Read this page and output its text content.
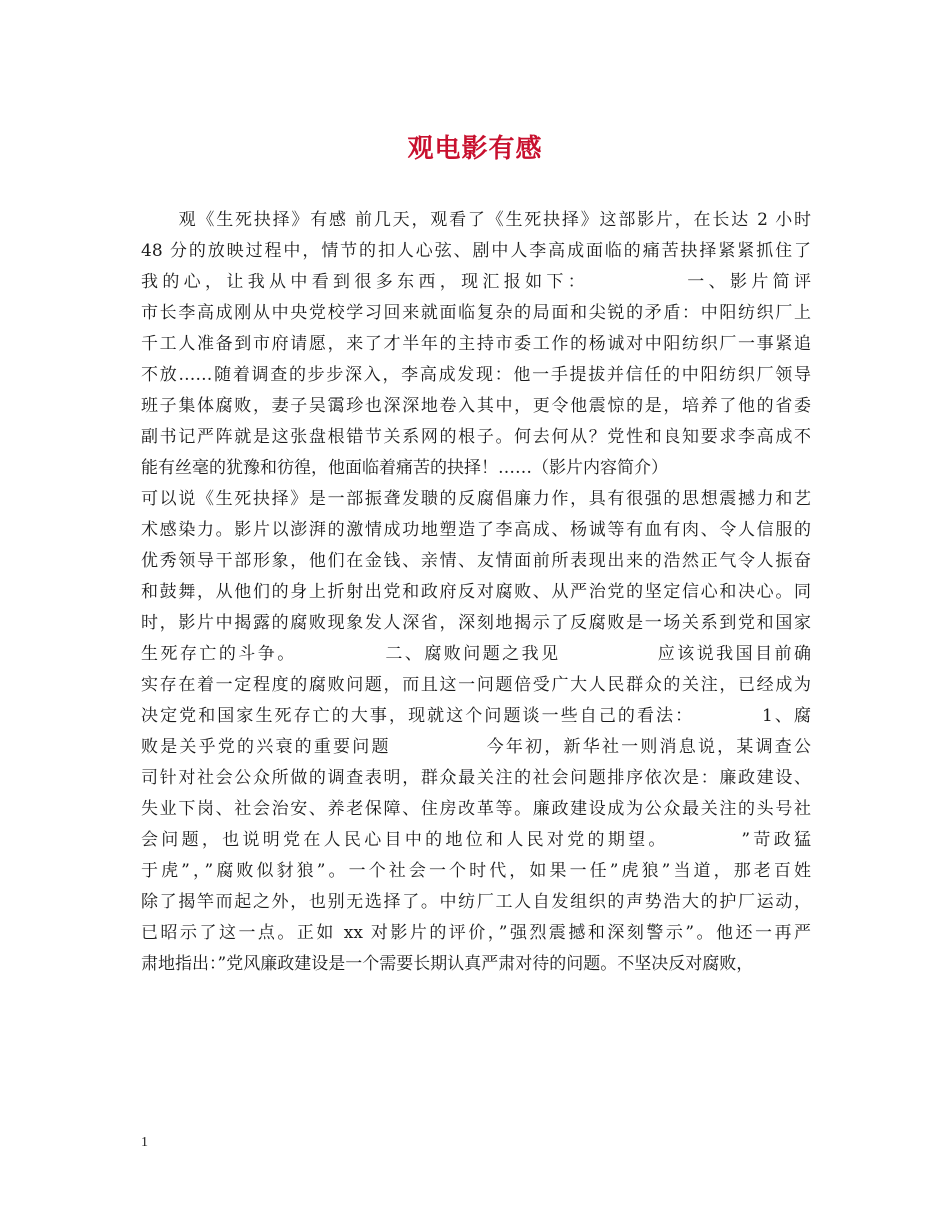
观电影有感
　　观《生死抉择》有感 前几天，观看了《生死抉择》这部影片，在长达 2 小时
48 分的放映过程中，情节的扣人心弦、剧中人李高成面临的痛苦抉择紧紧抓住了
我的心，让我从中看到很多东西，现汇报如下：　　　　　一、影片简评
市长李高成刚从中央党校学习回来就面临复杂的局面和尖锐的矛盾：中阳纺织厂上
千工人准备到市府请愿，来了才半年的主持市委工作的杨诚对中阳纺织厂一事紧追
不放……随着调查的步步深入，李高成发现：他一手提拔并信任的中阳纺织厂领导
班子集体腐败，妻子吴霭珍也深深地卷入其中，更令他震惊的是，培养了他的省委
副书记严阵就是这张盘根错节关系网的根子。何去何从？党性和良知要求李高成不
能有丝毫的犹豫和彷徨，他面临着痛苦的抉择！……（影片内容简介）
可以说《生死抉择》是一部振聋发聩的反腐倡廉力作，具有很强的思想震撼力和艺
术感染力。影片以澎湃的激情成功地塑造了李高成、杨诚等有血有肉、令人信服的
优秀领导干部形象，他们在金钱、亲情、友情面前所表现出来的浩然正气令人振奋
和鼓舞，从他们的身上折射出党和政府反对腐败、从严治党的坚定信心和决心。同
时，影片中揭露的腐败现象发人深省，深刻地揭示了反腐败是一场关系到党和国家
生死存亡的斗争。　　　　　二、腐败问题之我见　　　　　应该说我国目前确
实存在着一定程度的腐败问题，而且这一问题倍受广大人民群众的关注，已经成为
决定党和国家生死存亡的大事，现就这个问题谈一些自己的看法：　　　　1、腐
败是关乎党的兴衰的重要问题　　　　　今年初，新华社一则消息说，某调查公
司针对社会公众所做的调查表明，群众最关注的社会问题排序依次是：廉政建设、
失业下岗、社会治安、养老保障、住房改革等。廉政建设成为公众最关注的头号社
会问题，也说明党在人民心目中的地位和人民对党的期望。　　　　”苛政猛
于虎”，”腐败似豺狼”。一个社会一个时代，如果一任”虎狼”当道，那老百姓
除了揭竿而起之外，也别无选择了。中纺厂工人自发组织的声势浩大的护厂运动，
已昭示了这一点。正如 xx 对影片的评价，”强烈震撼和深刻警示”。他还一再严
肃地指出：”党风廉政建设是一个需要长期认真严肃对待的问题。不坚决反对腐败，
1
